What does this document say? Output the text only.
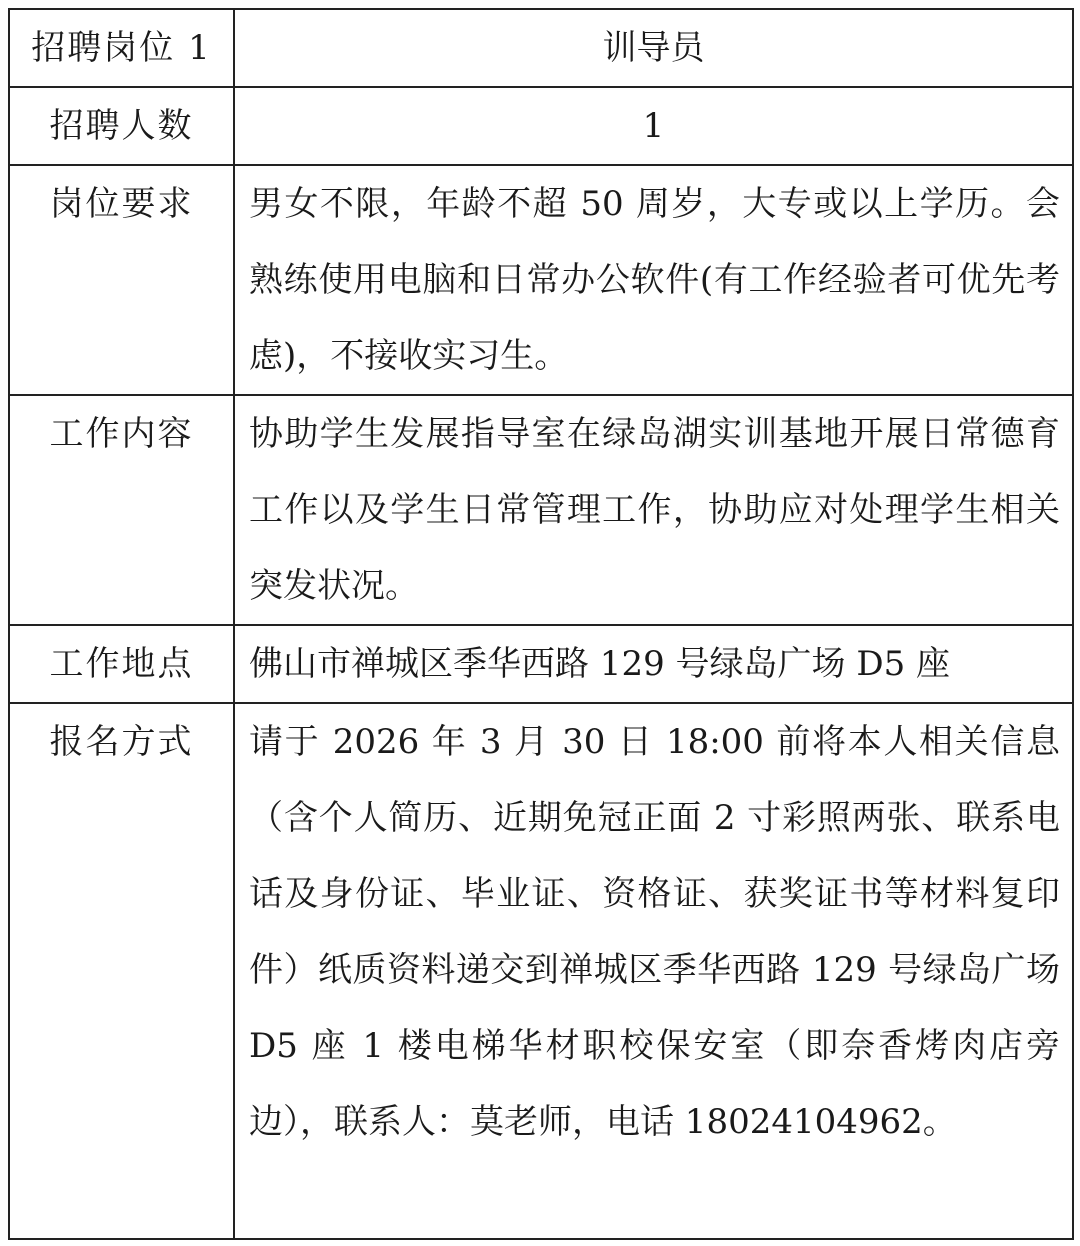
招聘岗位 1	训导员
招聘人数	1
岗位要求	男女不限，年龄不超 50 周岁，大专或以上学历。会熟练使用电脑和日常办公软件(有工作经验者可优先考虑)，不接收实习生。
工作内容	协助学生发展指导室在绿岛湖实训基地开展日常德育工作以及学生日常管理工作，协助应对处理学生相关突发状况。
工作地点	佛山市禅城区季华西路 129 号绿岛广场 D5 座
报名方式	请于 2026 年 3 月 30 日 18:00 前将本人相关信息（含个人简历、近期免冠正面 2 寸彩照两张、联系电话及身份证、毕业证、资格证、获奖证书等材料复印件）纸质资料递交到禅城区季华西路 129 号绿岛广场 D5 座 1 楼电梯华材职校保安室（即奈香烤肉店旁边），联系人：莫老师，电话 18024104962。
